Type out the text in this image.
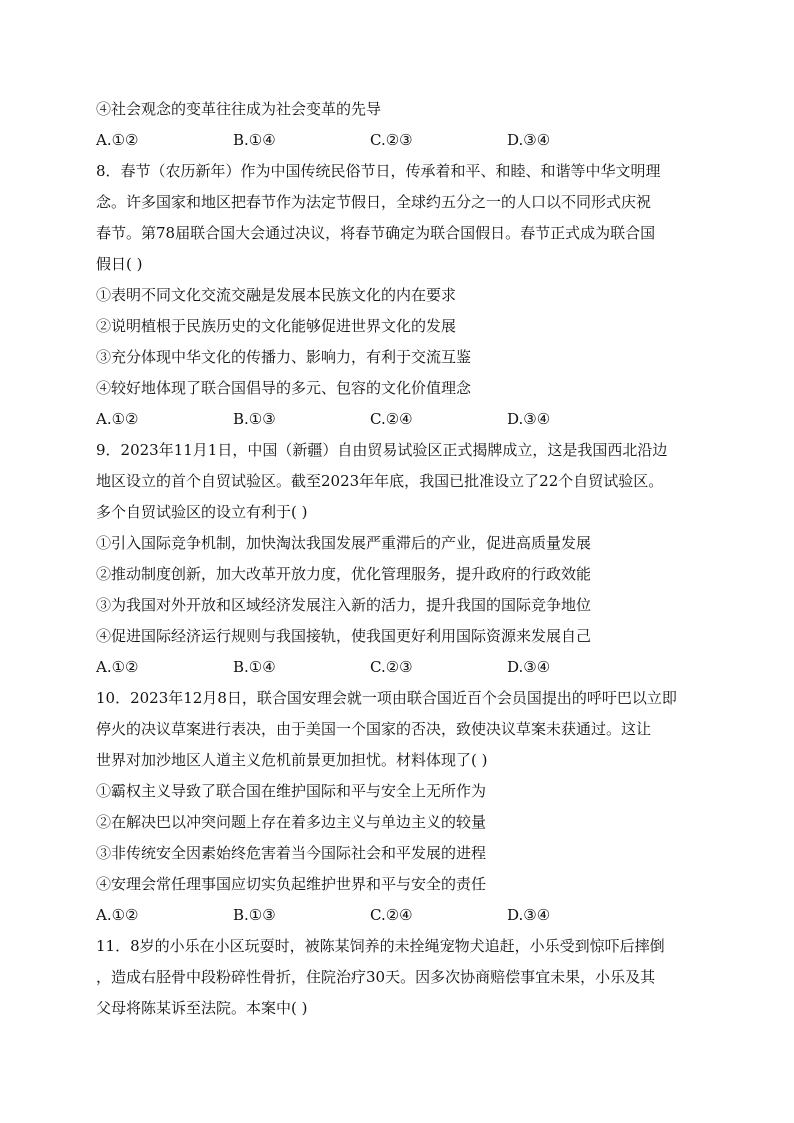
④社会观念的变革往往成为社会变革的先导
A.①②	B.①④	C.②③	D.③④
8．春节（农历新年）作为中国传统民俗节日，传承着和平、和睦、和谐等中华文明理
念。许多国家和地区把春节作为法定节假日，全球约五分之一的人口以不同形式庆祝
春节。第78届联合国大会通过决议，将春节确定为联合国假日。春节正式成为联合国
假日( )
①表明不同文化交流交融是发展本民族文化的内在要求
②说明植根于民族历史的文化能够促进世界文化的发展
③充分体现中华文化的传播力、影响力，有利于交流互鉴
④较好地体现了联合国倡导的多元、包容的文化价值理念
A.①②	B.①③	C.②④	D.③④
9．2023年11月1日，中国（新疆）自由贸易试验区正式揭牌成立，这是我国西北沿边
地区设立的首个自贸试验区。截至2023年年底，我国已批准设立了22个自贸试验区。
多个自贸试验区的设立有利于( )
①引入国际竞争机制，加快淘汰我国发展严重滞后的产业，促进高质量发展
②推动制度创新，加大改革开放力度，优化管理服务，提升政府的行政效能
③为我国对外开放和区域经济发展注入新的活力，提升我国的国际竞争地位
④促进国际经济运行规则与我国接轨，使我国更好利用国际资源来发展自己
A.①②	B.①④	C.②③	D.③④
10．2023年12月8日，联合国安理会就一项由联合国近百个会员国提出的呼吁巴以立即
停火的决议草案进行表决，由于美国一个国家的否决，致使决议草案未获通过。这让
世界对加沙地区人道主义危机前景更加担忧。材料体现了( )
①霸权主义导致了联合国在维护国际和平与安全上无所作为
②在解决巴以冲突问题上存在着多边主义与单边主义的较量
③非传统安全因素始终危害着当今国际社会和平发展的进程
④安理会常任理事国应切实负起维护世界和平与安全的责任
A.①②	B.①③	C.②④	D.③④
11．8岁的小乐在小区玩耍时，被陈某饲养的未拴绳宠物犬追赶，小乐受到惊吓后摔倒
，造成右胫骨中段粉碎性骨折，住院治疗30天。因多次协商赔偿事宜未果，小乐及其
父母将陈某诉至法院。本案中( )
